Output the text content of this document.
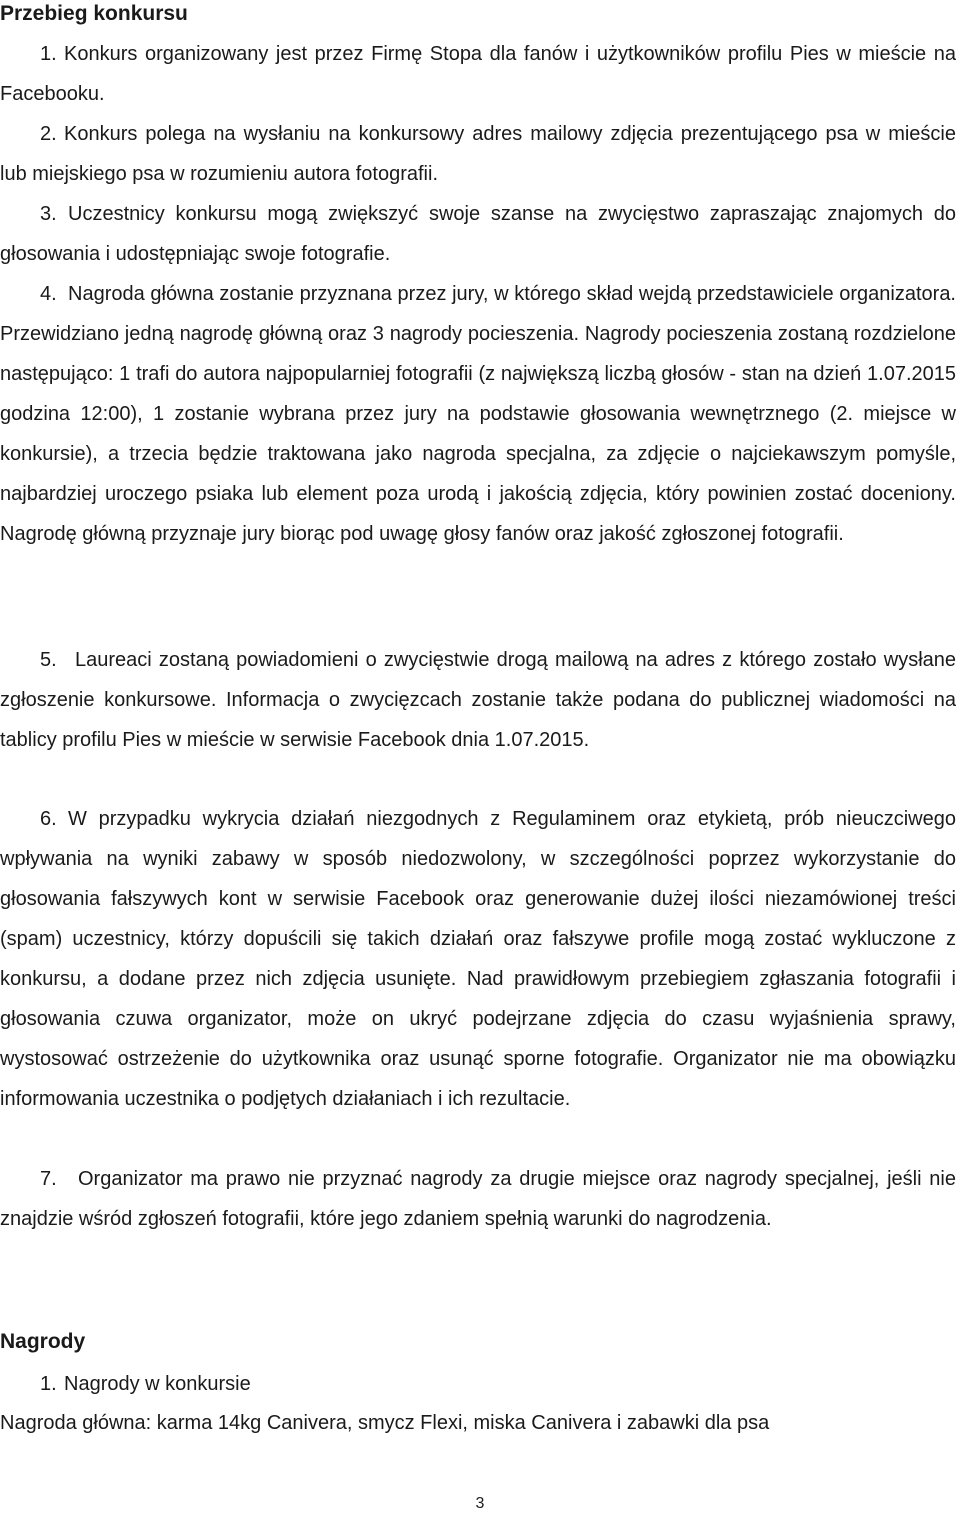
Przebieg konkursu

1. Konkurs organizowany jest przez Firmę Stopa dla fanów i użytkowników profilu Pies w mieście na Facebooku.

2. Konkurs polega na wysłaniu na konkursowy adres mailowy zdjęcia prezentującego psa w mieście lub miejskiego psa w rozumieniu autora fotografii.

3. Uczestnicy konkursu mogą zwiększyć swoje szanse na zwycięstwo zapraszając znajomych do głosowania i udostępniając swoje fotografie.

4. Nagroda główna zostanie przyznana przez jury, w którego skład wejdą przedstawiciele organizatora. Przewidziano jedną nagrodę główną oraz 3 nagrody pocieszenia. Nagrody pocieszenia zostaną rozdzielone następująco: 1 trafi do autora najpopularniej fotografii (z największą liczbą głosów - stan na dzień 1.07.2015 godzina 12:00), 1 zostanie wybrana przez jury na podstawie głosowania wewnętrznego (2. miejsce w konkursie), a trzecia będzie traktowana jako nagroda specjalna, za zdjęcie o najciekawszym pomyśle, najbardziej uroczego psiaka lub element poza urodą i jakością zdjęcia, który powinien zostać doceniony. Nagrodę główną przyznaje jury biorąc pod uwagę głosy fanów oraz jakość zgłoszonej fotografii.

5. Laureaci zostaną powiadomieni o zwycięstwie drogą mailową na adres z którego zostało wysłane zgłoszenie konkursowe. Informacja o zwycięzcach zostanie także podana do publicznej wiadomości na tablicy profilu Pies w mieście w serwisie Facebook dnia 1.07.2015.

6. W przypadku wykrycia działań niezgodnych z Regulaminem oraz etykietą, prób nieuczciwego wpływania na wyniki zabawy w sposób niedozwolony, w szczególności poprzez wykorzystanie do głosowania fałszywych kont w serwisie Facebook oraz generowanie dużej ilości niezamówionej treści (spam) uczestnicy, którzy dopuścili się takich działań oraz fałszywe profile mogą zostać wykluczone z konkursu, a dodane przez nich zdjęcia usunięte. Nad prawidłowym przebiegiem zgłaszania fotografii i głosowania czuwa organizator, może on ukryć podejrzane zdjęcia do czasu wyjaśnienia sprawy, wystosować ostrzeżenie do użytkownika oraz usunąć sporne fotografie. Organizator nie ma obowiązku informowania uczestnika o podjętych działaniach i ich rezultacie.

7. Organizator ma prawo nie przyznać nagrody za drugie miejsce oraz nagrody specjalnej, jeśli nie znajdzie wśród zgłoszeń fotografii, które jego zdaniem spełnią warunki do nagrodzenia.

Nagrody

1. Nagrody w konkursie

Nagroda główna: karma 14kg Canivera, smycz Flexi, miska Canivera i zabawki dla psa

3
